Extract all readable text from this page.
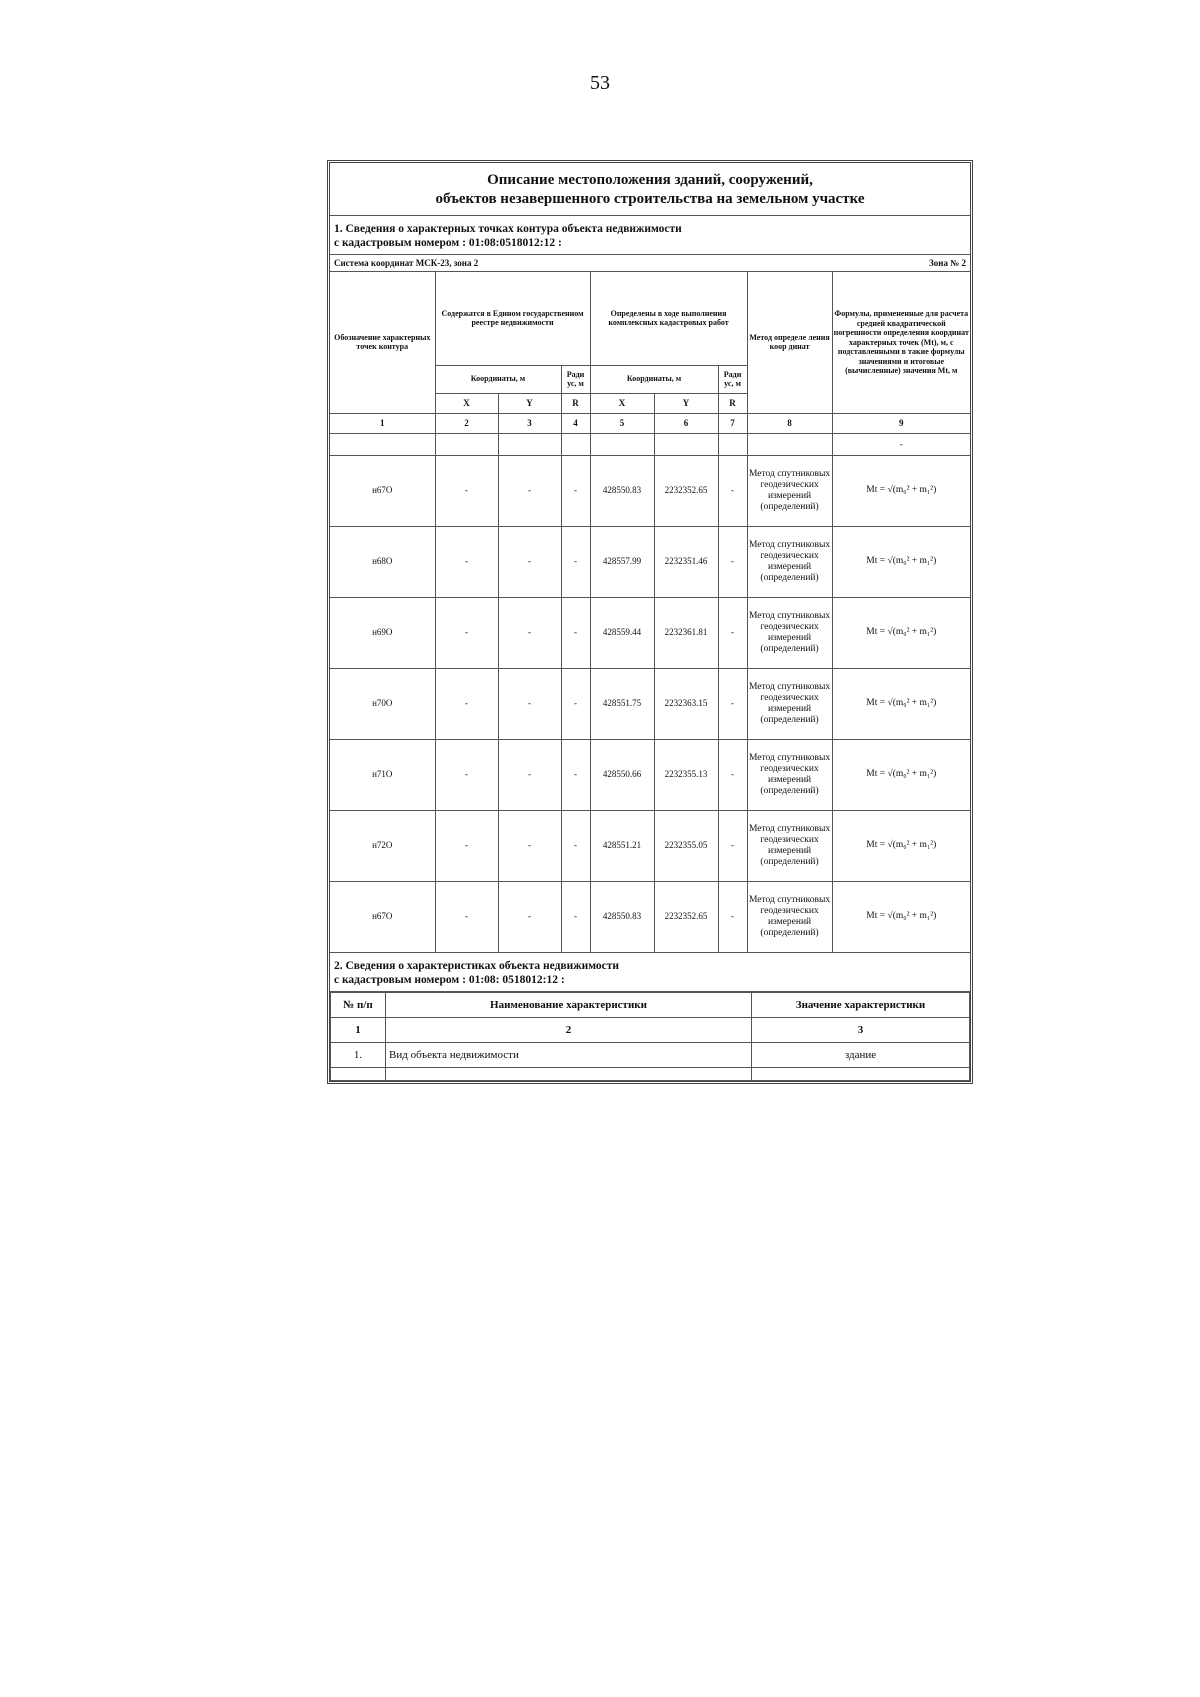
53
Описание местоположения зданий, сооружений,
объектов незавершенного строительства на земельном участке
1. Сведения о характерных точках контура объекта недвижимости
с кадастровым номером : 01:08:0518012:12 :
Система координат МСК-23, зона 2	Зона № 2
Обозначение характерных точек контура	Содержатся в Едином государственном реестре недвижимости			Определены в ходе выполнения комплексных кадастровых работ			Метод определе ления коор динат	Формулы, примененные для расчета средней квадратической погрешности определения координат характерных точек (Mt), м, с подставленными в такие формулы значениями и итоговые (вычисленные) значения Mt, м
	Координаты, м		Ради ус, м	Координаты, м		Ради ус, м		
	X	Y	R	X	Y	R		
1	2	3	4	5	6	7	8	9
								-
н67О	-	-	-	428550.83	2232352.65	-	Метод спутниковых геодезических измерений (определений)	Mt = √(m₀² + m₁²)
н68О	-	-	-	428557.99	2232351.46	-	Метод спутниковых геодезических измерений (определений)	Mt = √(m₀² + m₁²)
н69О	-	-	-	428559.44	2232361.81	-	Метод спутниковых геодезических измерений (определений)	Mt = √(m₀² + m₁²)
н70О	-	-	-	428551.75	2232363.15	-	Метод спутниковых геодезических измерений (определений)	Mt = √(m₀² + m₁²)
н71О	-	-	-	428550.66	2232355.13	-	Метод спутниковых геодезических измерений (определений)	Mt = √(m₀² + m₁²)
н72О	-	-	-	428551.21	2232355.05	-	Метод спутниковых геодезических измерений (определений)	Mt = √(m₀² + m₁²)
н67О	-	-	-	428550.83	2232352.65	-	Метод спутниковых геодезических измерений (определений)	Mt = √(m₀² + m₁²)
2. Сведения о характеристиках объекта недвижимости
с кадастровым номером : 01:08: 0518012:12 :
№ п/п	Наименование характеристики	Значение характеристики
1	2	3
1.	Вид объекта недвижимости	здание
